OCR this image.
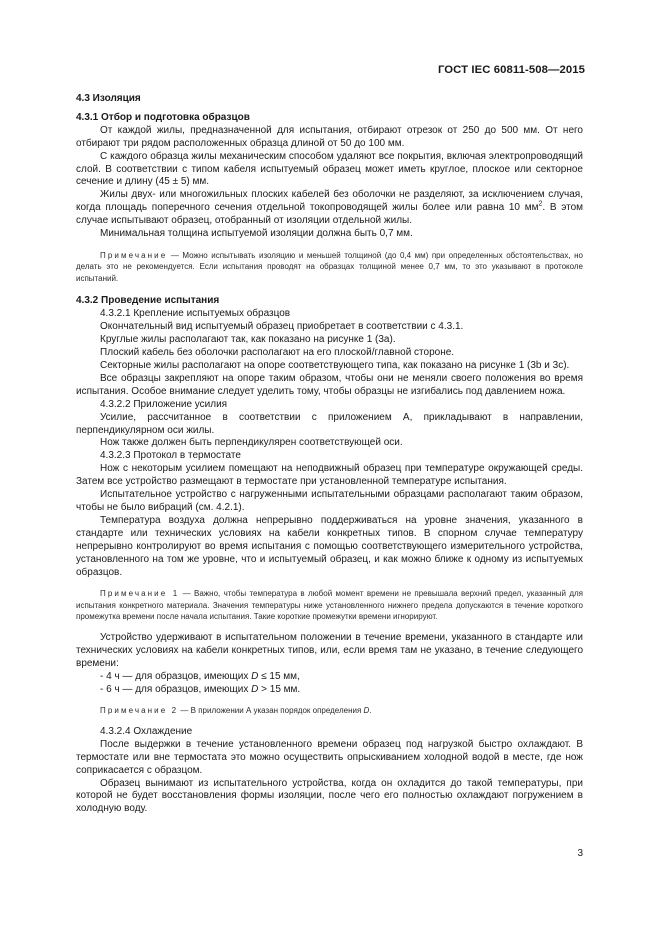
ГОСТ IEC 60811-508—2015

4.3 Изоляция

4.3.1 Отбор и подготовка образцов

От каждой жилы, предназначенной для испытания, отбирают отрезок от 250 до 500 мм. От него отбирают три рядом расположенных образца длиной от 50 до 100 мм.

С каждого образца жилы механическим способом удаляют все покрытия, включая электропроводящий слой. В соответствии с типом кабеля испытуемый образец может иметь круглое, плоское или секторное сечение и длину (45 ± 5) мм.

Жилы двух- или многожильных плоских кабелей без оболочки не разделяют, за исключением случая, когда площадь поперечного сечения отдельной токопроводящей жилы более или равна 10 $мм^2$. В этом случае испытывают образец, отобранный от изоляции отдельной жилы.

Минимальная толщина испытуемой изоляции должна быть 0,7 мм.

Примечание — Можно испытывать изоляцию и меньшей толщиной (до 0,4 мм) при определенных обстоятельствах, но делать это не рекомендуется. Если испытания проводят на образцах толщиной менее 0,7 мм, то это указывают в протоколе испытаний.

4.3.2 Проведение испытания

4.3.2.1 Крепление испытуемых образцов

Окончательный вид испытуемый образец приобретает в соответствии с 4.3.1.

Круглые жилы располагают так, как показано на рисунке 1 (3а).

Плоский кабель без оболочки располагают на его плоской/главной стороне.

Секторные жилы располагают на опоре соответствующего типа, как показано на рисунке 1 (3b и 3c).

Все образцы закрепляют на опоре таким образом, чтобы они не меняли своего положения во время испытания. Особое внимание следует уделить тому, чтобы образцы не изгибались под давлением ножа.

4.3.2.2 Приложение усилия

Усилие, рассчитанное в соответствии с приложением А, прикладывают в направлении, перпендикулярном оси жилы.

Нож также должен быть перпендикулярен соответствующей оси.

4.3.2.3 Протокол в термостате

Нож с некоторым усилием помещают на неподвижный образец при температуре окружающей среды. Затем все устройство размещают в термостате при установленной температуре испытания.

Испытательное устройство с нагруженными испытательными образцами располагают таким образом, чтобы не было вибраций (см. 4.2.1).

Температура воздуха должна непрерывно поддерживаться на уровне значения, указанного в стандарте или технических условиях на кабели конкретных типов. В спорном случае температуру непрерывно контролируют во время испытания с помощью соответствующего измерительного устройства, установленного на том же уровне, что и испытуемый образец, и как можно ближе к одному из испытуемых образцов.

Примечание 1 — Важно, чтобы температура в любой момент времени не превышала верхний предел, указанный для испытания конкретного материала. Значения температуры ниже установленного нижнего предела допускаются в течение короткого промежутка времени после начала испытания. Такие короткие промежутки времени игнорируют.

Устройство удерживают в испытательном положении в течение времени, указанного в стандарте или технических условиях на кабели конкретных типов, или, если время там не указано, в течение следующего времени:

- 4 ч — для образцов, имеющих D ≤ 15 мм,

- 6 ч — для образцов, имеющих D > 15 мм.

Примечание 2 — В приложении А указан порядок определения D.

4.3.2.4 Охлаждение

После выдержки в течение установленного времени образец под нагрузкой быстро охлаждают. В термостате или вне термостата это можно осуществить опрыскиванием холодной водой в месте, где нож соприкасается с образцом.

Образец вынимают из испытательного устройства, когда он охладится до такой температуры, при которой не будет восстановления формы изоляции, после чего его полностью охлаждают погружением в холодную воду.

3
